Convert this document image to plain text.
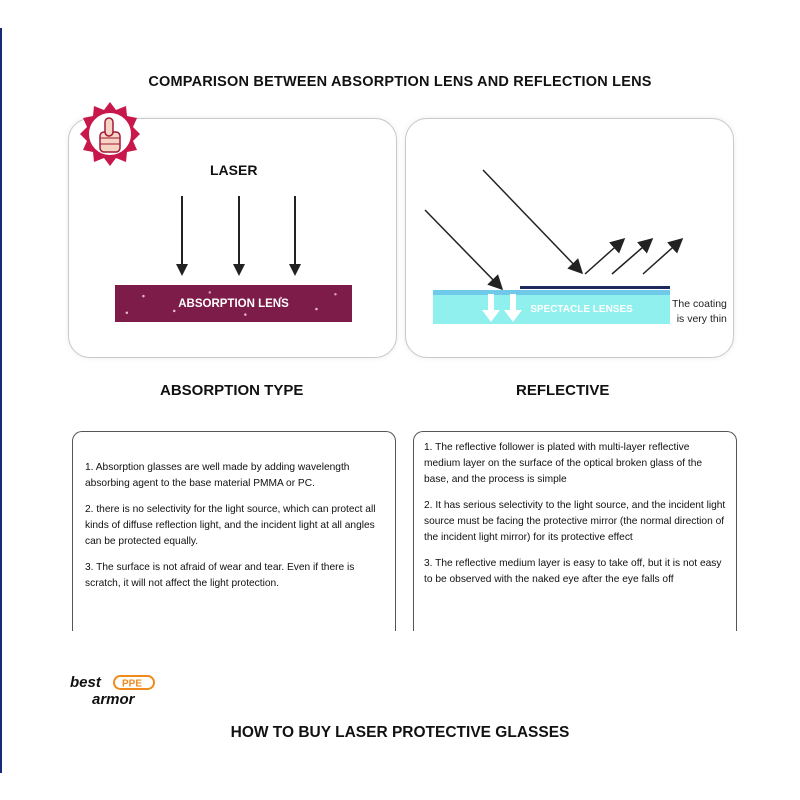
COMPARISON BETWEEN ABSORPTION LENS AND REFLECTION LENS
LASER
ABSORPTION LENS	SPECTACLE LENSES	The coating
is very thin
ABSORPTION TYPE	REFLECTIVE

1. Absorption glasses are well made by adding wavelength absorbing agent to the base material PMMA or PC.

2. there is no selectivity for the light source, which can protect all kinds of diffuse reflection light, and the incident light at all angles can be protected equally.

3. The surface is not afraid of wear and tear. Even if there is scratch, it will not affect the light protection.

1. The reflective follower is plated with multi-layer reflective medium layer on the surface of the optical broken glass of the base, and the process is simple

2. It has serious selectivity to the light source, and the incident light source must be facing the protective mirror (the normal direction of the incident light mirror) for its protective effect

3. The reflective medium layer is easy to take off, but it is not easy to be observed with the naked eye after the eye falls off

best PPE
armor
HOW TO BUY LASER PROTECTIVE GLASSES
